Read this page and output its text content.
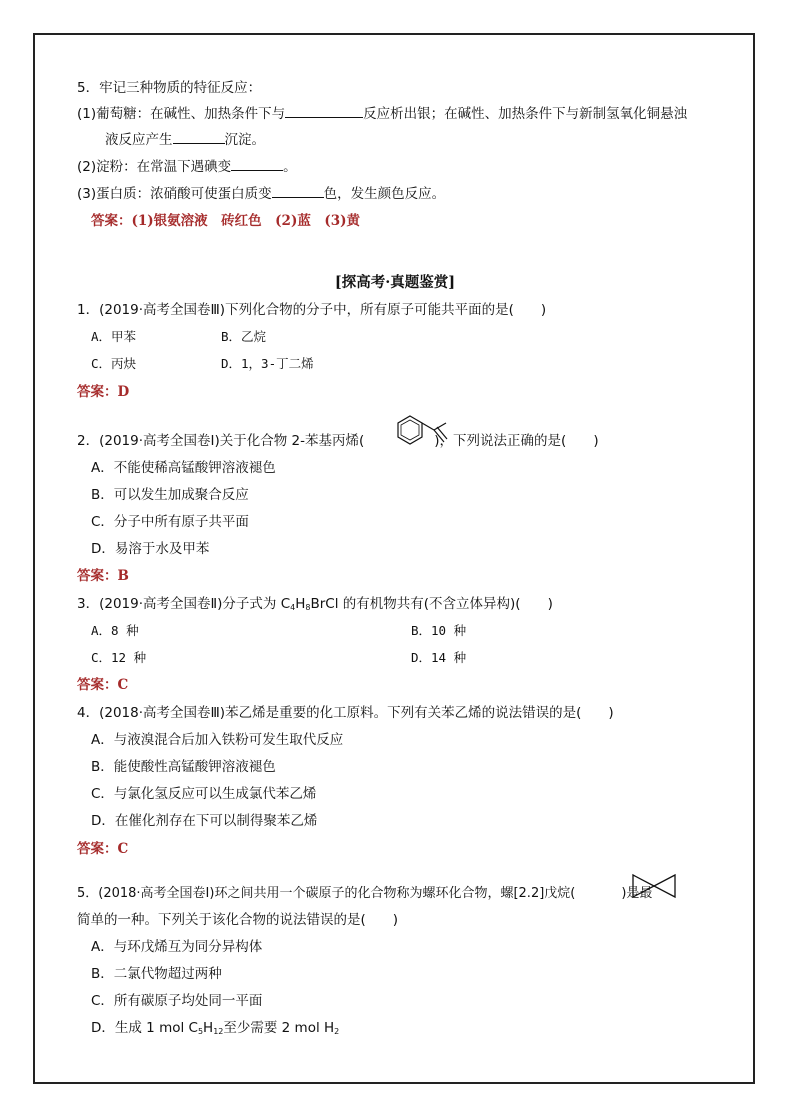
5．牢记三种物质的特征反应：
(1)葡萄糖：在碱性、加热条件下与	反应析出银；在碱性、加热条件下与新制氢氧化铜悬浊
液反应产生	沉淀。
(2)淀粉：在常温下遇碘变	。
(3)蛋白质：浓硝酸可使蛋白质变	色，发生颜色反应。
答案：(1)银氨溶液　砖红色　(2)蓝　(3)黄
[探高考·真题鉴赏]
1．(2019·高考全国卷Ⅲ)下列化合物的分子中，所有原子可能共平面的是(　　)
A．甲苯	B．乙烷
C．丙炔	D．1，3-丁二烯
答案：D
2．(2019·高考全国卷Ⅰ)关于化合物 2-苯基丙烯(	)，下列说法正确的是(　　)
A．不能使稀高锰酸钾溶液褪色
B．可以发生加成聚合反应
C．分子中所有原子共平面
D．易溶于水及甲苯
答案：B
3．(2019·高考全国卷Ⅱ)分子式为 $C_4H_8BrCl$ 的有机物共有(不含立体异构)(　　)
A．8 种	B．10 种
C．12 种	D．14 种
答案：C
4．(2018·高考全国卷Ⅲ)苯乙烯是重要的化工原料。下列有关苯乙烯的说法错误的是(　　)
A．与液溴混合后加入铁粉可发生取代反应
B．能使酸性高锰酸钾溶液褪色
C．与氯化氢反应可以生成氯代苯乙烯
D．在催化剂存在下可以制得聚苯乙烯
答案：C
5．(2018·高考全国卷Ⅰ)环之间共用一个碳原子的化合物称为螺环化合物，螺[2.2]戊烷(	)是最
简单的一种。下列关于该化合物的说法错误的是(　　)
A．与环戊烯互为同分异构体
B．二氯代物超过两种
C．所有碳原子均处同一平面
D．生成 1 mol $C_5H_{12}$至少需要 2 mol $H_2$
